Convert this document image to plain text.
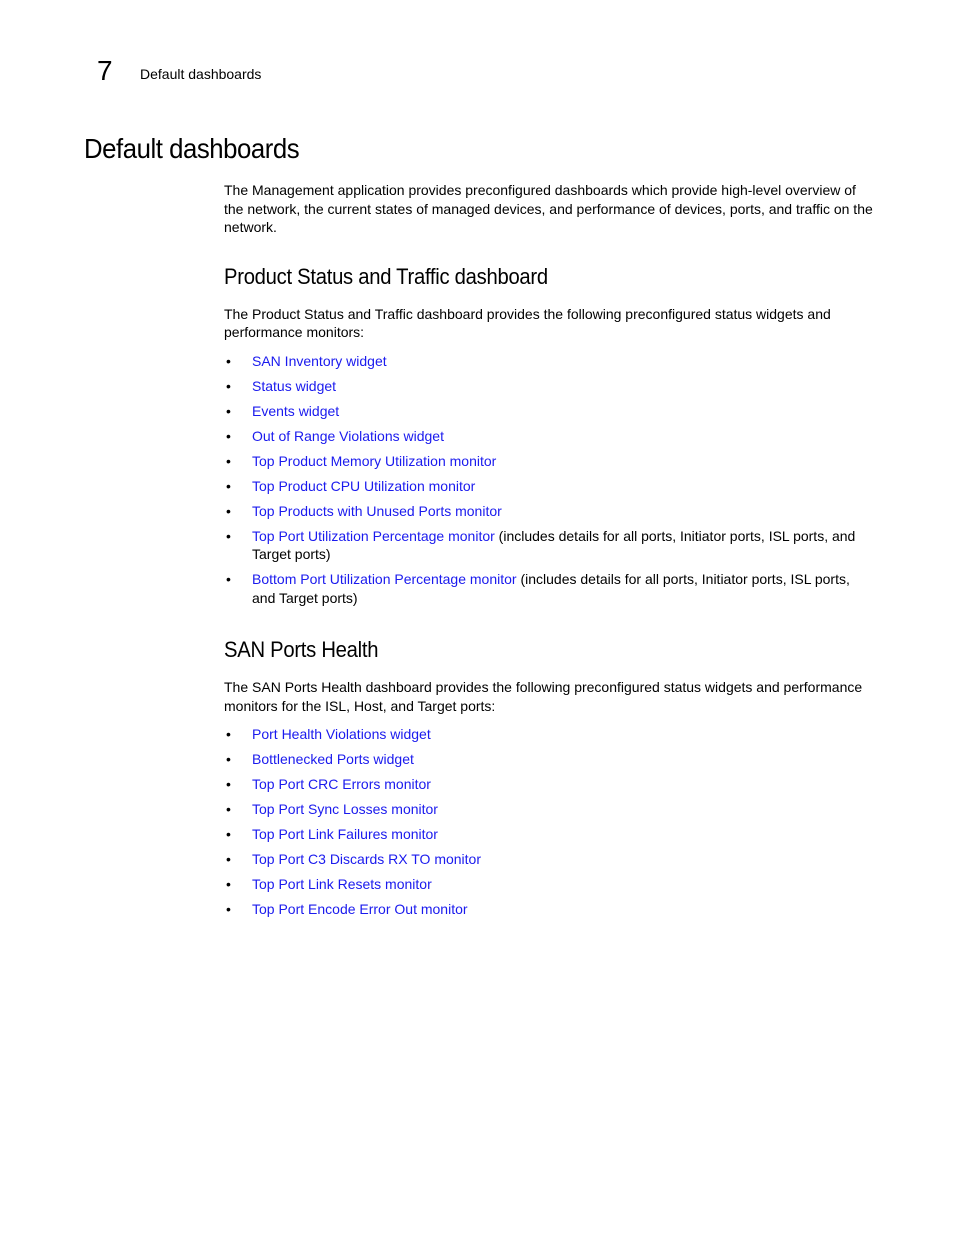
7 Default dashboards
Default dashboards

The Management application provides preconfigured dashboards which provide high-level overview of the network, the current states of managed devices, and performance of devices, ports, and traffic on the network.

Product Status and Traffic dashboard

The Product Status and Traffic dashboard provides the following preconfigured status widgets and performance monitors:

• SAN Inventory widget
• Status widget
• Events widget
• Out of Range Violations widget
• Top Product Memory Utilization monitor
• Top Product CPU Utilization monitor
• Top Products with Unused Ports monitor
• Top Port Utilization Percentage monitor (includes details for all ports, Initiator ports, ISL ports, and Target ports)
• Bottom Port Utilization Percentage monitor (includes details for all ports, Initiator ports, ISL ports, and Target ports)
SAN Ports Health

The SAN Ports Health dashboard provides the following preconfigured status widgets and performance monitors for the ISL, Host, and Target ports:

• Port Health Violations widget
• Bottlenecked Ports widget
• Top Port CRC Errors monitor
• Top Port Sync Losses monitor
• Top Port Link Failures monitor
• Top Port C3 Discards RX TO monitor
• Top Port Link Resets monitor
• Top Port Encode Error Out monitor
